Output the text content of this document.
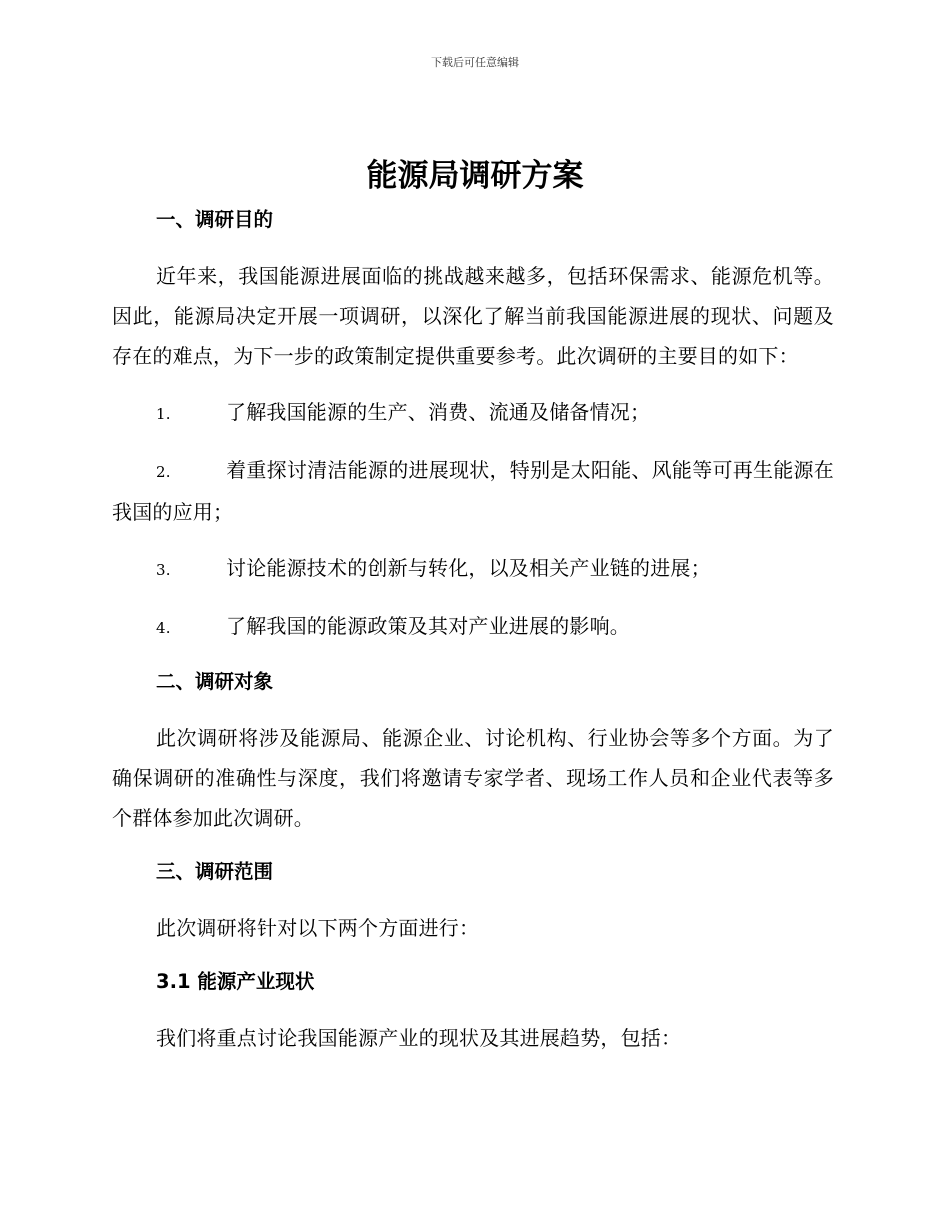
下载后可任意编辑
能源局调研方案

一、调研目的

近年来，我国能源进展面临的挑战越来越多，包括环保需求、能源危机等。因此，能源局决定开展一项调研，以深化了解当前我国能源进展的现状、问题及存在的难点，为下一步的政策制定提供重要参考。此次调研的主要目的如下：

1.	了解我国能源的生产、消费、流通及储备情况；

2.	着重探讨清洁能源的进展现状，特别是太阳能、风能等可再生能源在我国的应用；

3.	讨论能源技术的创新与转化，以及相关产业链的进展；

4.	了解我国的能源政策及其对产业进展的影响。

二、调研对象

此次调研将涉及能源局、能源企业、讨论机构、行业协会等多个方面。为了确保调研的准确性与深度，我们将邀请专家学者、现场工作人员和企业代表等多个群体参加此次调研。

三、调研范围

此次调研将针对以下两个方面进行：

3.1 能源产业现状

我们将重点讨论我国能源产业的现状及其进展趋势，包括：
